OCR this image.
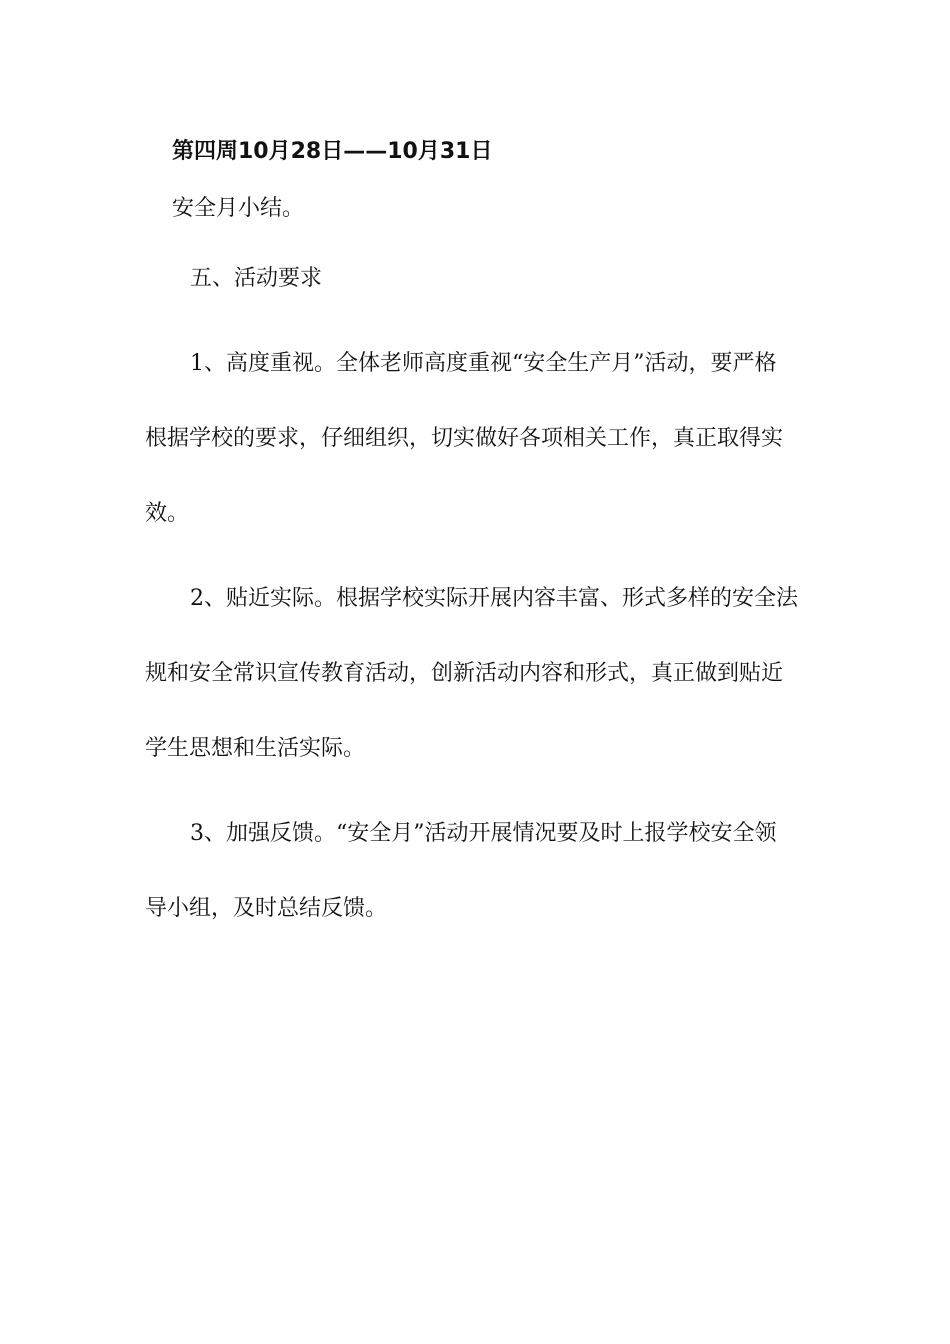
第四周10月28日——10月31日

安全月小结。

五、活动要求

1、高度重视。全体老师高度重视“安全生产月”活动，要严格

根据学校的要求，仔细组织，切实做好各项相关工作，真正取得实

效。

2、贴近实际。根据学校实际开展内容丰富、形式多样的安全法

规和安全常识宣传教育活动，创新活动内容和形式，真正做到贴近

学生思想和生活实际。

3、加强反馈。“安全月”活动开展情况要及时上报学校安全领

导小组，及时总结反馈。
